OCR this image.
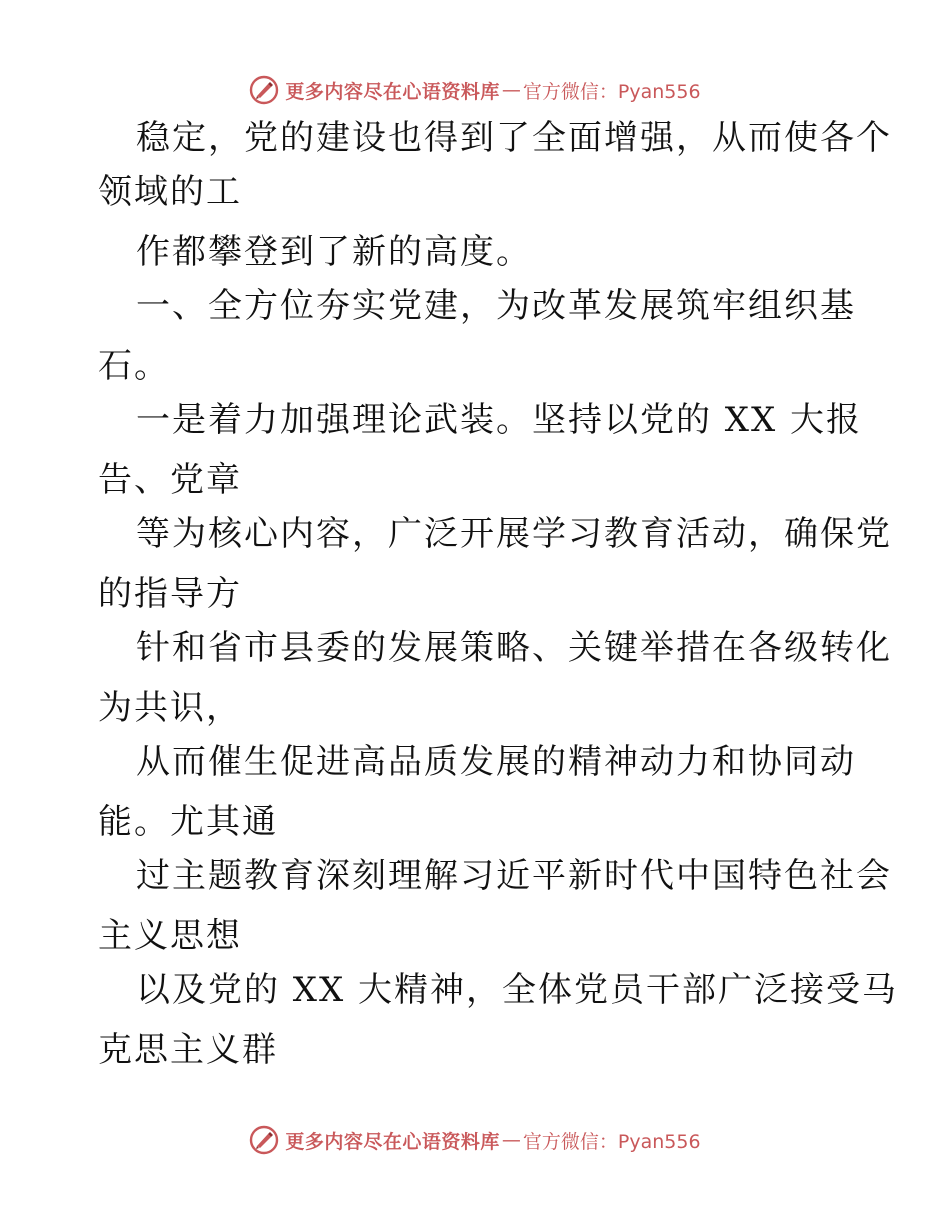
更多内容尽在心语资料库 — 官方微信：Pyan556
稳定，党的建设也得到了全面增强，从而使各个
领域的工
作都攀登到了新的高度。
一、全方位夯实党建，为改革发展筑牢组织基
石。
一是着力加强理论武装。坚持以党的 XX 大报
告、党章
等为核心内容，广泛开展学习教育活动，确保党
的指导方
针和省市县委的发展策略、关键举措在各级转化
为共识，
从而催生促进高品质发展的精神动力和协同动
能。尤其通
过主题教育深刻理解习近平新时代中国特色社会
主义思想
以及党的 XX 大精神，全体党员干部广泛接受马
克思主义群
更多内容尽在心语资料库 — 官方微信：Pyan556
